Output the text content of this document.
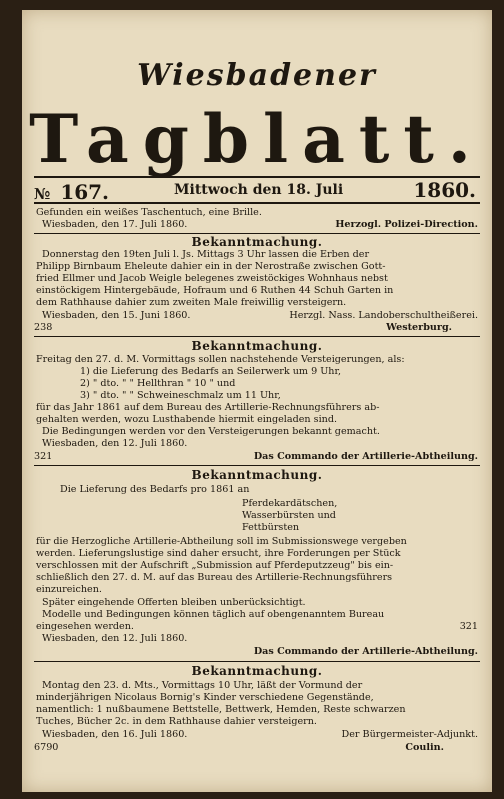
Wiesbadener
Tagblatt.
№ 167.	Mittwoch den 18. Juli	1860.
Gefunden ein weißes Taschentuch, eine Brille.
Wiesbaden, den 17. Juli 1860.	Herzogl. Polizei-Direction.
Bekanntmachung.
Donnerstag den 19ten Juli l. Js. Mittags 3 Uhr lassen die Erben der
Philipp Birnbaum Eheleute dahier ein in der Nerostraße zwischen Gott-
fried Ellmer und Jacob Weigle belegenes zweistöckiges Wohnhaus nebst
einstöckigem Hintergebäude, Hofraum und 6 Ruthen 44 Schuh Garten in
dem Rathhause dahier zum zweiten Male freiwillig versteigern.
Wiesbaden, den 15. Juni 1860.	Herzgl. Nass. Landoberschultheißerei.
238	Westerburg.
Bekanntmachung.
Freitag den 27. d. M. Vormittags sollen nachstehende Versteigerungen, als:
1) die Lieferung des Bedarfs an Seilerwerk um 9 Uhr,
2) " dto. " " Hellthran " 10 " und
3) " dto. " " Schweineschmalz um 11 Uhr,
für das Jahr 1861 auf dem Bureau des Artillerie-Rechnungsführers ab-
gehalten werden, wozu Lusthabende hiermit eingeladen sind.
Die Bedingungen werden vor den Versteigerungen bekannt gemacht.
Wiesbaden, den 12. Juli 1860.
321	Das Commando der Artillerie-Abtheilung.
Bekanntmachung.
Die Lieferung des Bedarfs pro 1861 an
Pferdekardätschen,
Wasserbürsten und
Fettbürsten
für die Herzogliche Artillerie-Abtheilung soll im Submissionswege vergeben
werden. Lieferungslustige sind daher ersucht, ihre Forderungen per Stück
verschlossen mit der Aufschrift „Submission auf Pferdeputzzeug" bis ein-
schließlich den 27. d. M. auf das Bureau des Artillerie-Rechnungsführers
einzureichen.
Später eingehende Offerten bleiben unberücksichtigt.
Modelle und Bedingungen können täglich auf obengenanntem Bureau
eingesehen werden.	321
Wiesbaden, den 12. Juli 1860.
Das Commando der Artillerie-Abtheilung.
Bekanntmachung.
Montag den 23. d. Mts., Vormittags 10 Uhr, läßt der Vormund der
minderjährigen Nicolaus Bornig's Kinder verschiedene Gegenstände,
namentlich: 1 nußbaumene Bettstelle, Bettwerk, Hemden, Reste schwarzen
Tuches, Bücher 2c. in dem Rathhause dahier versteigern.
Wiesbaden, den 16. Juli 1860.	Der Bürgermeister-Adjunkt.
6790	Coulin.
